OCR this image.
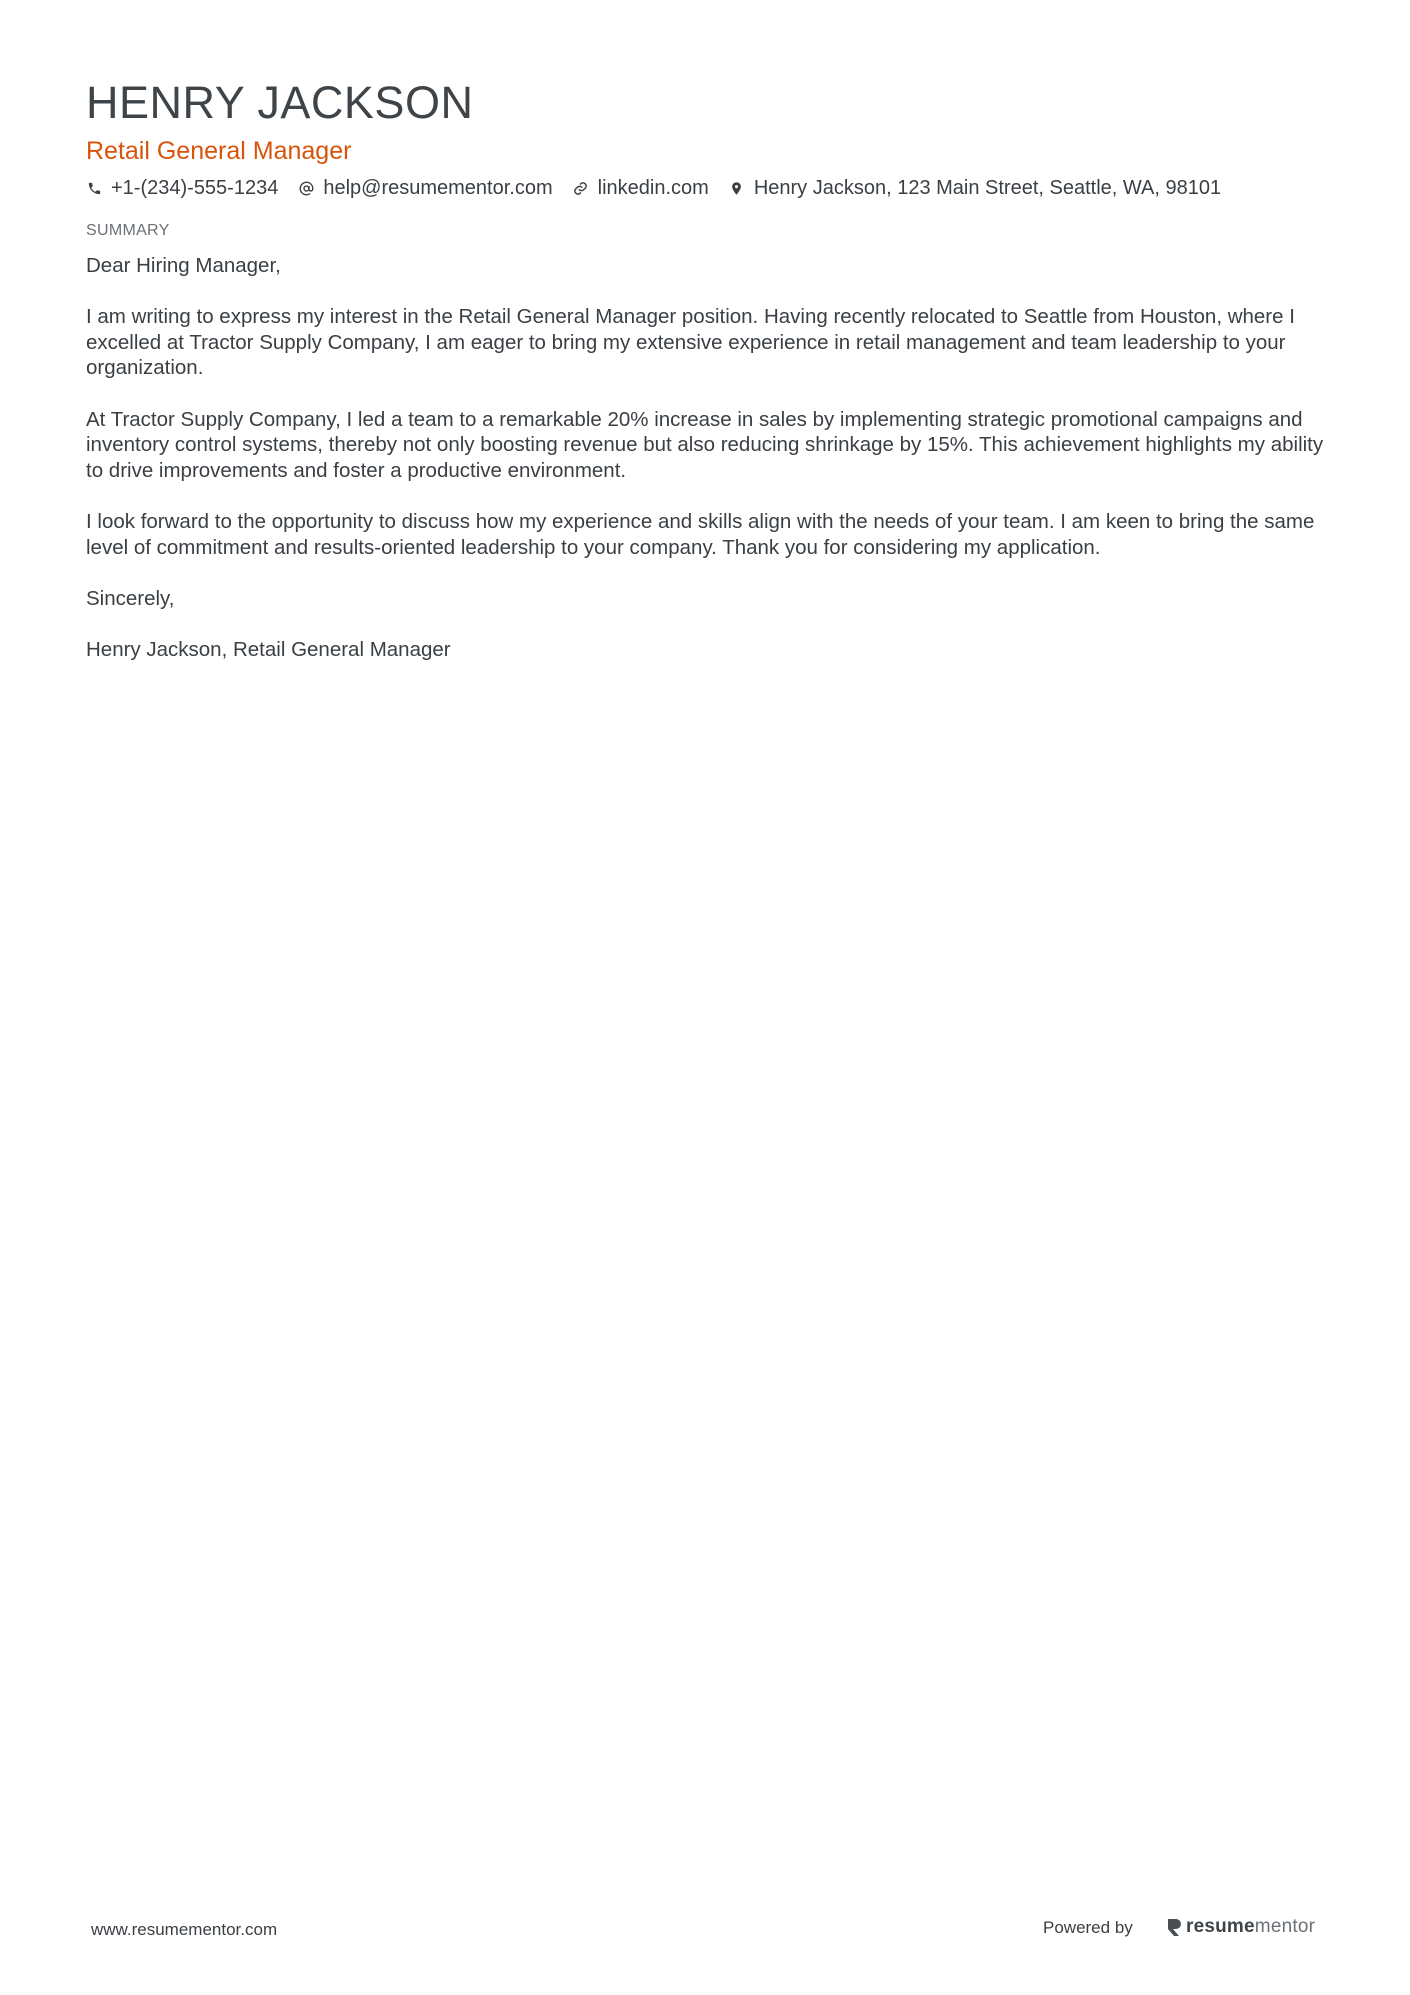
HENRY JACKSON
Retail General Manager
+1-(234)-555-1234 help@resumementor.com linkedin.com Henry Jackson, 123 Main Street, Seattle, WA, 98101
SUMMARY

Dear Hiring Manager,

I am writing to express my interest in the Retail General Manager position. Having recently relocated to Seattle from Houston, where I excelled at Tractor Supply Company, I am eager to bring my extensive experience in retail management and team leadership to your organization.

At Tractor Supply Company, I led a team to a remarkable 20% increase in sales by implementing strategic promotional campaigns and inventory control systems, thereby not only boosting revenue but also reducing shrinkage by 15%. This achievement highlights my ability to drive improvements and foster a productive environment.

I look forward to the opportunity to discuss how my experience and skills align with the needs of your team. I am keen to bring the same level of commitment and results-oriented leadership to your company. Thank you for considering my application.

Sincerely,

Henry Jackson, Retail General Manager

www.resumementor.com	Powered by	resumementor
